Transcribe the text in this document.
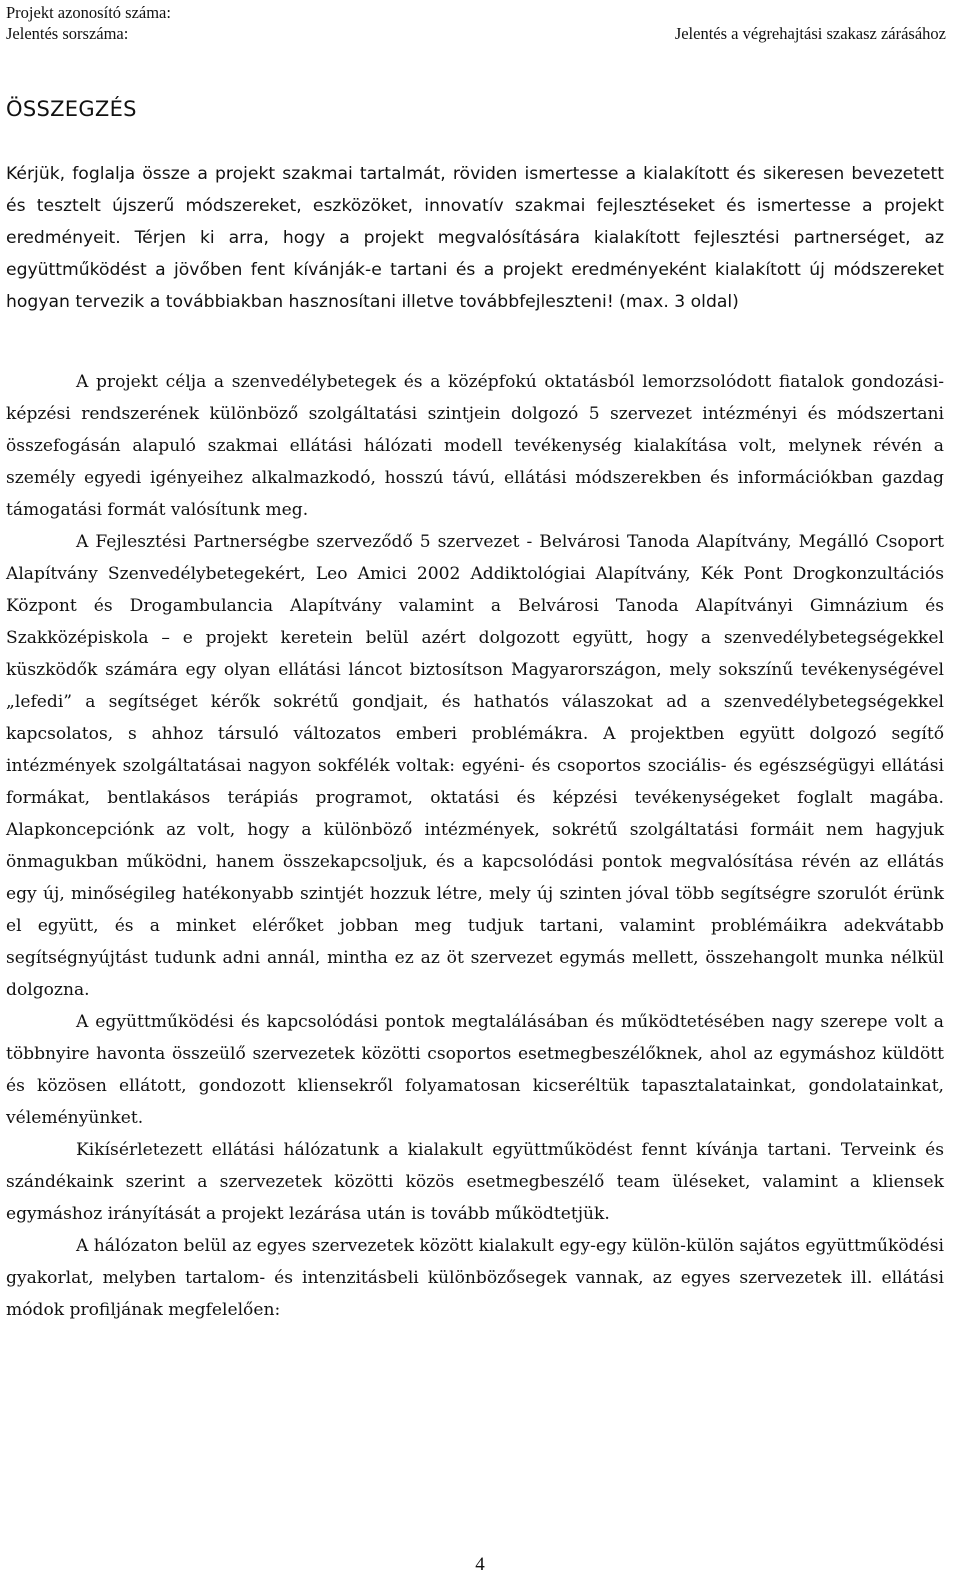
Projekt azonosító száma:
Jelentés sorszáma:	Jelentés a végrehajtási szakasz zárásához
ÖSSZEGZÉS

Kérjük, foglalja össze a projekt szakmai tartalmát, röviden ismertesse a kialakított és sikeresen bevezetett és tesztelt újszerű módszereket, eszközöket, innovatív szakmai fejlesztéseket és ismertesse a projekt eredményeit. Térjen ki arra, hogy a projekt megvalósítására kialakított fejlesztési partnerséget, az együttműködést a jövőben fent kívánják-e tartani és a projekt eredményeként kialakított új módszereket hogyan tervezik a továbbiakban hasznosítani illetve továbbfejleszteni! (max. 3 oldal)

A projekt célja a szenvedélybetegek és a középfokú oktatásból lemorzsolódott fiatalok gondozási-képzési rendszerének különböző szolgáltatási szintjein dolgozó 5 szervezet intézményi és módszertani összefogásán alapuló szakmai ellátási hálózati modell tevékenység kialakítása volt, melynek révén a személy egyedi igényeihez alkalmazkodó, hosszú távú, ellátási módszerekben és információkban gazdag támogatási formát valósítunk meg.

A Fejlesztési Partnerségbe szerveződő 5 szervezet - Belvárosi Tanoda Alapítvány, Megálló Csoport Alapítvány Szenvedélybetegekért, Leo Amici 2002 Addiktológiai Alapítvány, Kék Pont Drogkonzultációs Központ és Drogambulancia Alapítvány valamint a Belvárosi Tanoda Alapítványi Gimnázium és Szakközépiskola – e projekt keretein belül azért dolgozott együtt, hogy a szenvedélybetegségekkel küszködők számára egy olyan ellátási láncot biztosítson Magyarországon, mely sokszínű tevékenységével „lefedi” a segítséget kérők sokrétű gondjait, és hathatós válaszokat ad a szenvedélybetegségekkel kapcsolatos, s ahhoz társuló változatos emberi problémákra. A projektben együtt dolgozó segítő intézmények szolgáltatásai nagyon sokfélék voltak: egyéni- és csoportos szociális- és egészségügyi ellátási formákat, bentlakásos terápiás programot, oktatási és képzési tevékenységeket foglalt magába. Alapkoncepciónk az volt, hogy a különböző intézmények, sokrétű szolgáltatási formáit nem hagyjuk önmagukban működni, hanem összekapcsoljuk, és a kapcsolódási pontok megvalósítása révén az ellátás egy új, minőségileg hatékonyabb szintjét hozzuk létre, mely új szinten jóval több segítségre szorulót érünk el együtt, és a minket elérőket jobban meg tudjuk tartani, valamint problémáikra adekvátabb segítségnyújtást tudunk adni annál, mintha ez az öt szervezet egymás mellett, összehangolt munka nélkül dolgozna.

A együttműködési és kapcsolódási pontok megtalálásában és működtetésében nagy szerepe volt a többnyire havonta összeülő szervezetek közötti csoportos esetmegbeszélőknek, ahol az egymáshoz küldött és közösen ellátott, gondozott kliensekről folyamatosan kicseréltük tapasztalatainkat, gondolatainkat, véleményünket.

Kikísérletezett ellátási hálózatunk a kialakult együttműködést fennt kívánja tartani. Terveink és szándékaink szerint a szervezetek közötti közös esetmegbeszélő team üléseket, valamint a kliensek egymáshoz irányítását a projekt lezárása után is tovább működtetjük.

A hálózaton belül az egyes szervezetek között kialakult egy-egy külön-külön sajátos együttműködési gyakorlat, melyben tartalom- és intenzitásbeli különbözősegek vannak, az egyes szervezetek ill. ellátási módok profiljának megfelelően:

4
